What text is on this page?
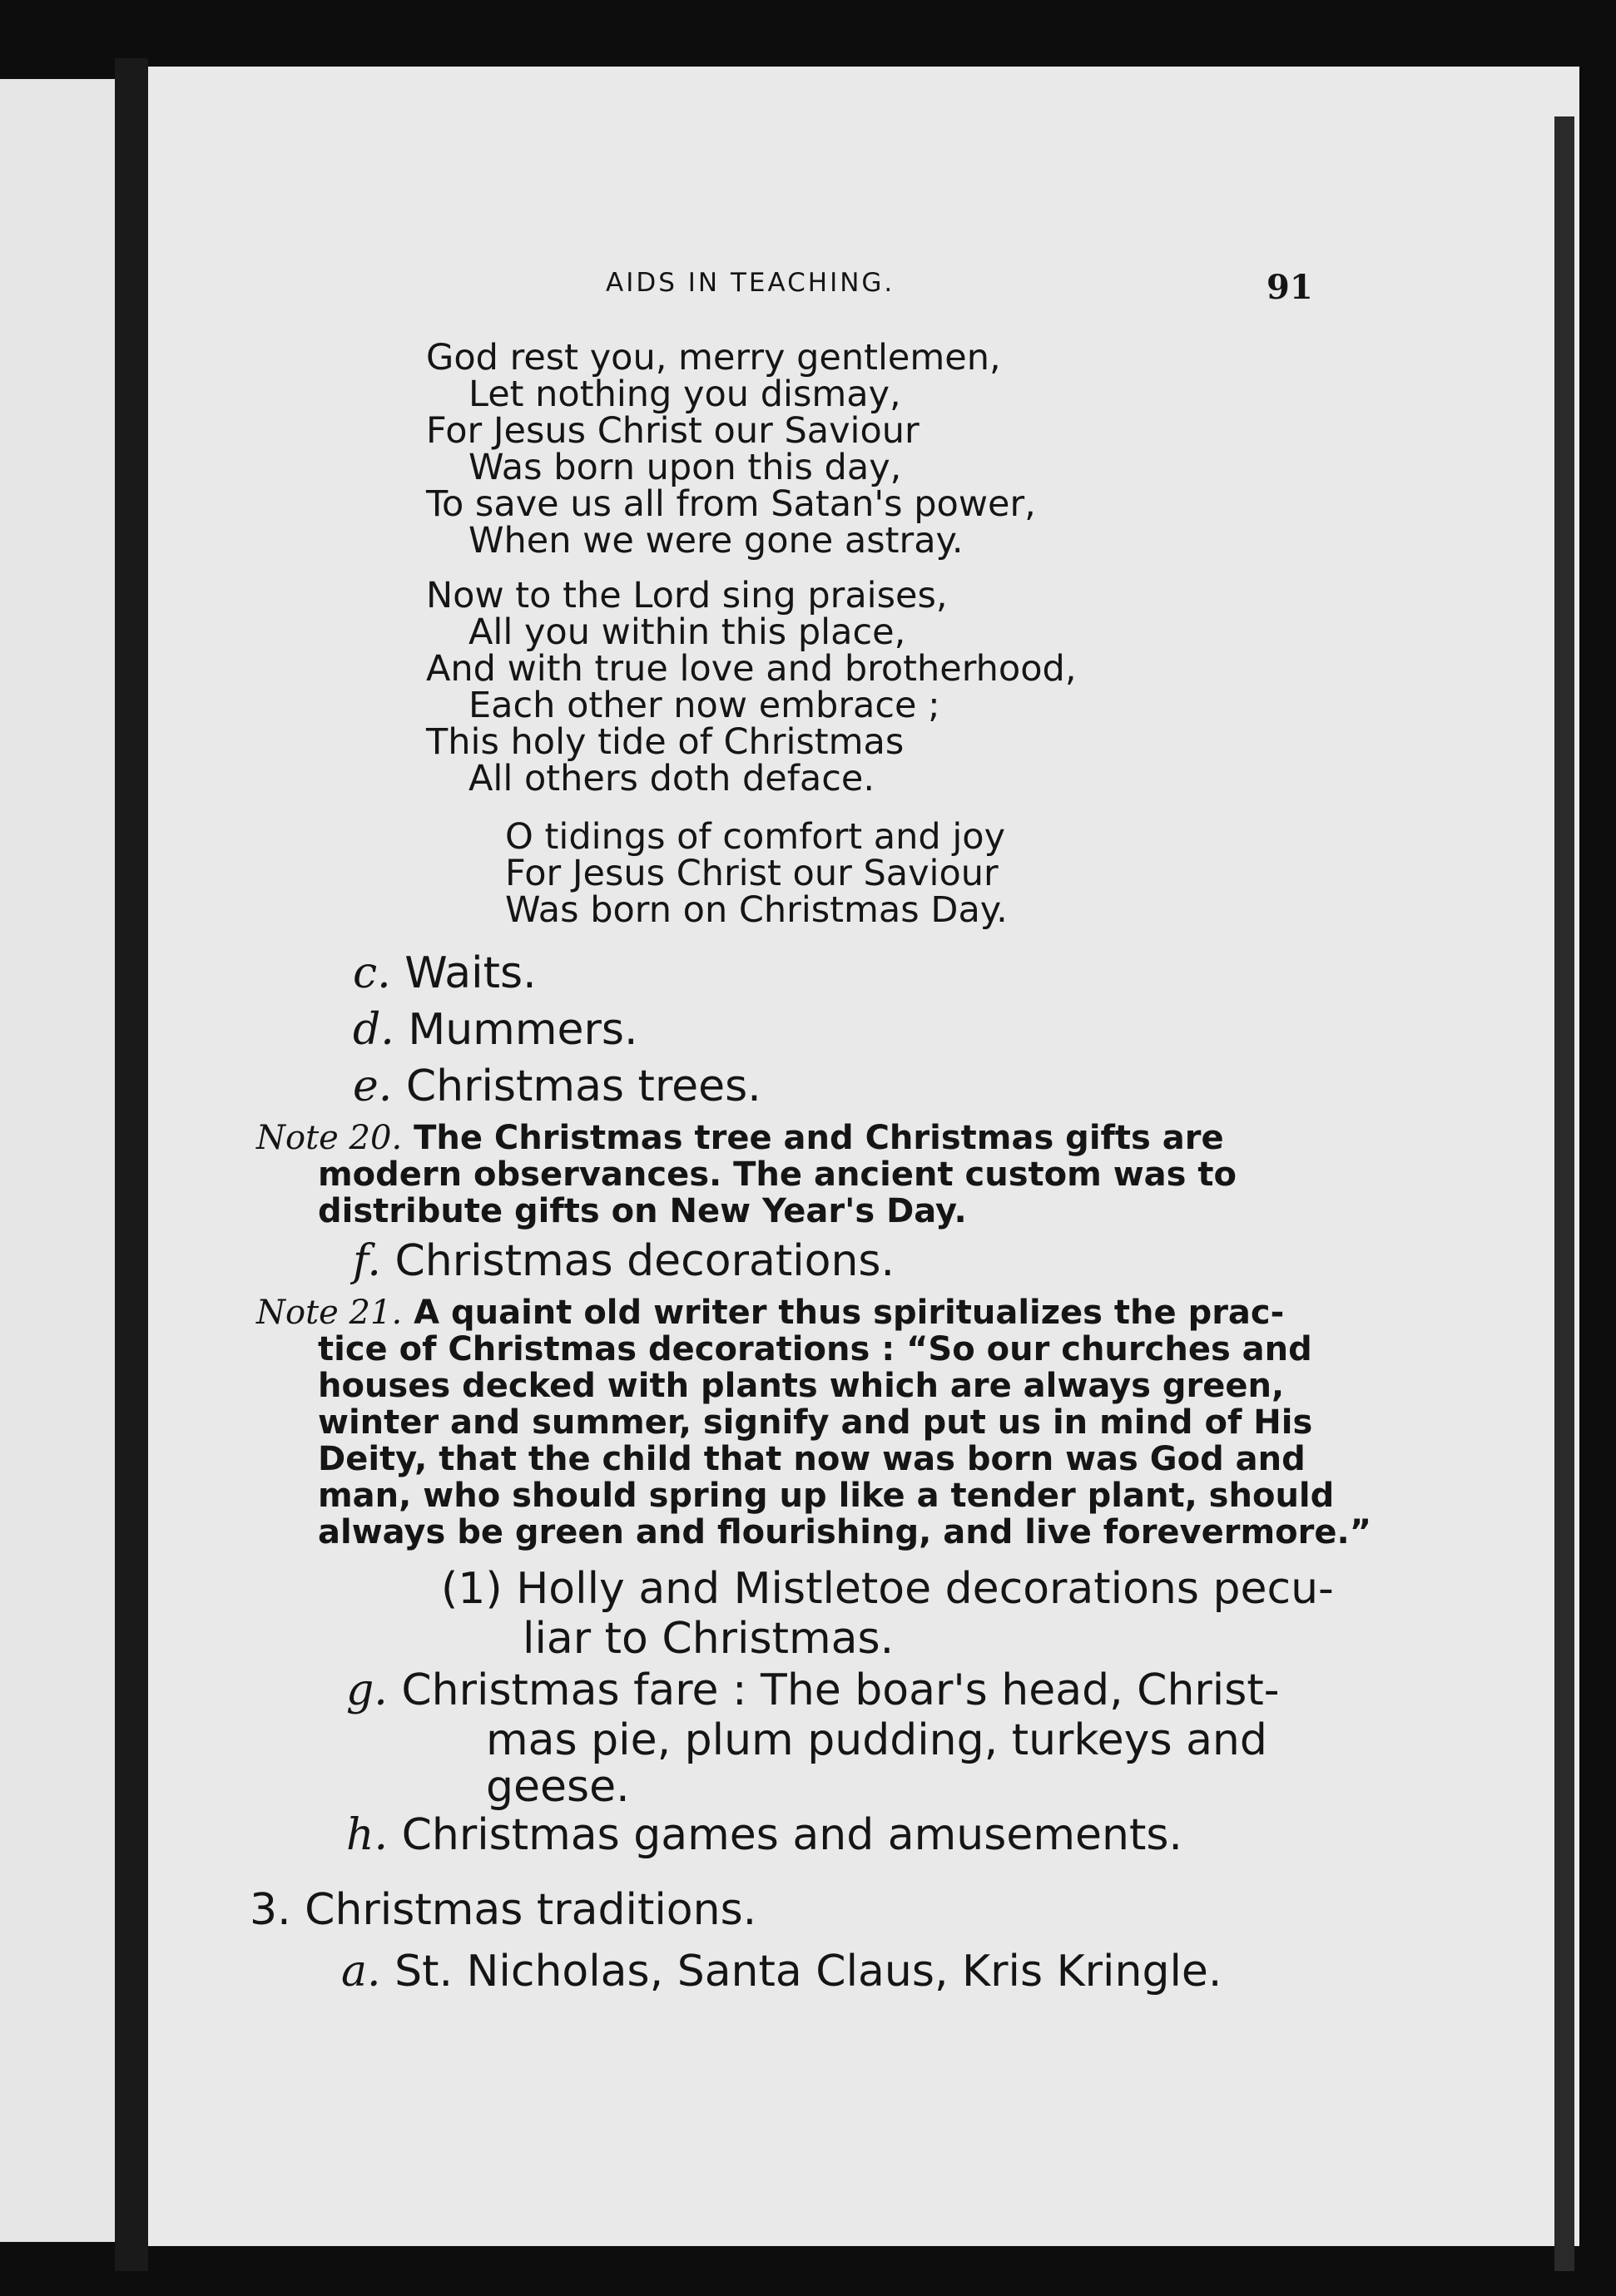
AIDS IN TEACHING.	91
God rest you, merry gentlemen,
Let nothing you dismay,
For Jesus Christ our Saviour
Was born upon this day,
To save us all from Satan's power,
When we were gone astray.
Now to the Lord sing praises,
All you within this place,
And with true love and brotherhood,
Each other now embrace ;
This holy tide of Christmas
All others doth deface.
O tidings of comfort and joy
For Jesus Christ our Saviour
Was born on Christmas Day.
c. Waits.
d. Mummers.
e. Christmas trees.
Note 20. The Christmas tree and Christmas gifts are
modern observances. The ancient custom was to
distribute gifts on New Year's Day.
f. Christmas decorations.
Note 21. A quaint old writer thus spiritualizes the prac-
tice of Christmas decorations : “So our churches and
houses decked with plants which are always green,
winter and summer, signify and put us in mind of His
Deity, that the child that now was born was God and
man, who should spring up like a tender plant, should
always be green and flourishing, and live forevermore.”
(1) Holly and Mistletoe decorations pecu-
liar to Christmas.
g. Christmas fare : The boar's head, Christ-
mas pie, plum pudding, turkeys and
geese.
h. Christmas games and amusements.
3. Christmas traditions.
a. St. Nicholas, Santa Claus, Kris Kringle.
